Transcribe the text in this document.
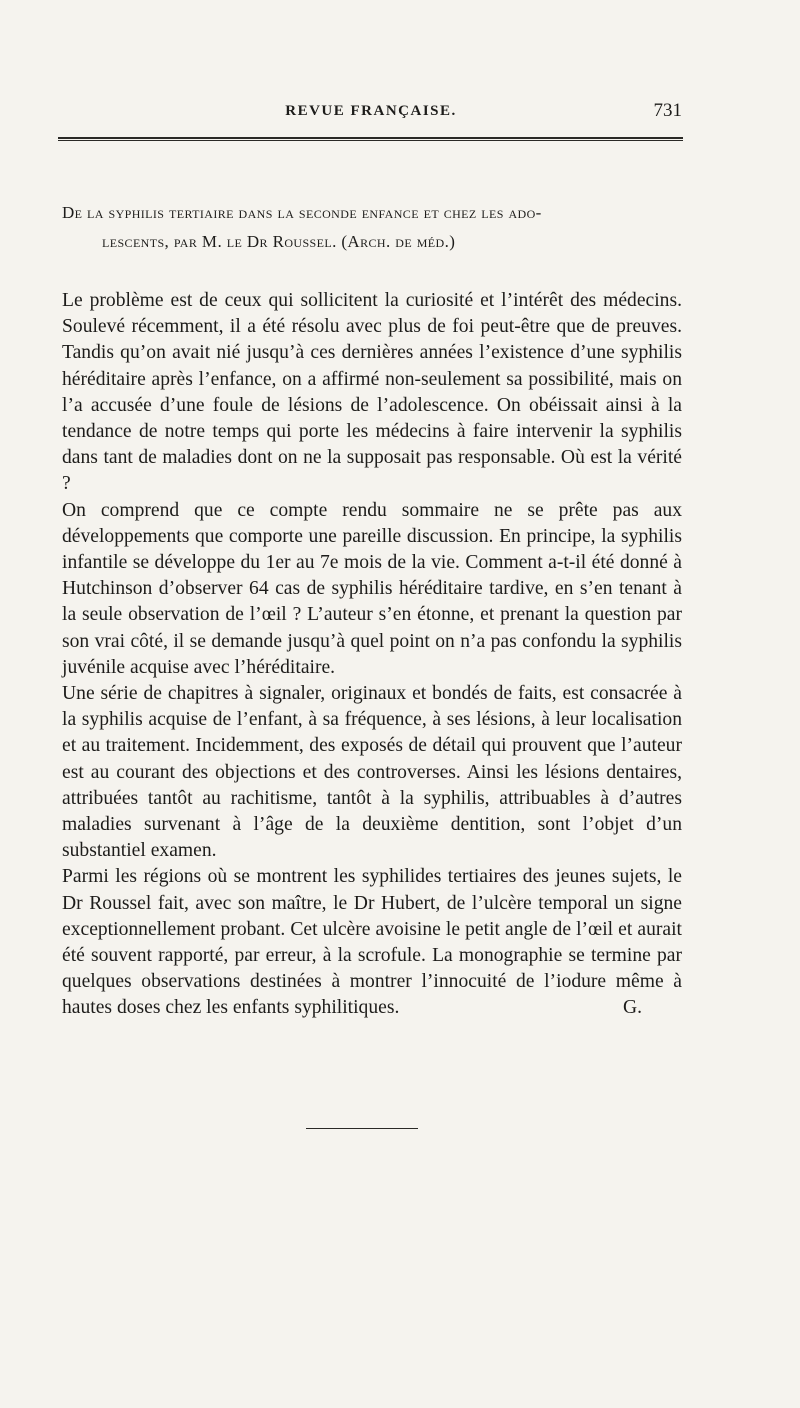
REVUE FRANÇAISE.	731
De la syphilis tertiaire dans la seconde enfance et chez les ado-
lescents, par M. le Dr Roussel. (Arch. de méd.)

Le problème est de ceux qui sollicitent la curiosité et l’intérêt des médecins. Soulevé récemment, il a été résolu avec plus de foi peut-être que de preuves. Tandis qu’on avait nié jusqu’à ces dernières années l’existence d’une syphilis héréditaire après l’enfance, on a affirmé non-seulement sa possibilité, mais on l’a accusée d’une foule de lésions de l’adolescence. On obéissait ainsi à la tendance de notre temps qui porte les médecins à faire intervenir la syphilis dans tant de maladies dont on ne la supposait pas responsable. Où est la vérité ?

On comprend que ce compte rendu sommaire ne se prête pas aux développements que comporte une pareille discussion. En principe, la syphilis infantile se développe du 1er au 7e mois de la vie. Comment a-t-il été donné à Hutchinson d’observer 64 cas de syphilis héréditaire tardive, en s’en tenant à la seule observation de l’œil ? L’auteur s’en étonne, et prenant la question par son vrai côté, il se demande jusqu’à quel point on n’a pas confondu la syphilis juvénile acquise avec l’héréditaire.

Une série de chapitres à signaler, originaux et bondés de faits, est consacrée à la syphilis acquise de l’enfant, à sa fréquence, à ses lésions, à leur localisation et au traitement. Incidemment, des exposés de détail qui prouvent que l’auteur est au courant des objections et des controverses. Ainsi les lésions dentaires, attribuées tantôt au rachitisme, tantôt à la syphilis, attribuables à d’autres maladies survenant à l’âge de la deuxième dentition, sont l’objet d’un substantiel examen.

Parmi les régions où se montrent les syphilides tertiaires des jeunes sujets, le Dr Roussel fait, avec son maître, le Dr Hubert, de l’ulcère temporal un signe exceptionnellement probant. Cet ulcère avoisine le petit angle de l’œil et aurait été souvent rapporté, par erreur, à la scrofule. La monographie se termine par quelques observations destinées à montrer l’innocuité de l’iodure même à hautes doses chez les enfants syphilitiques.	G.
